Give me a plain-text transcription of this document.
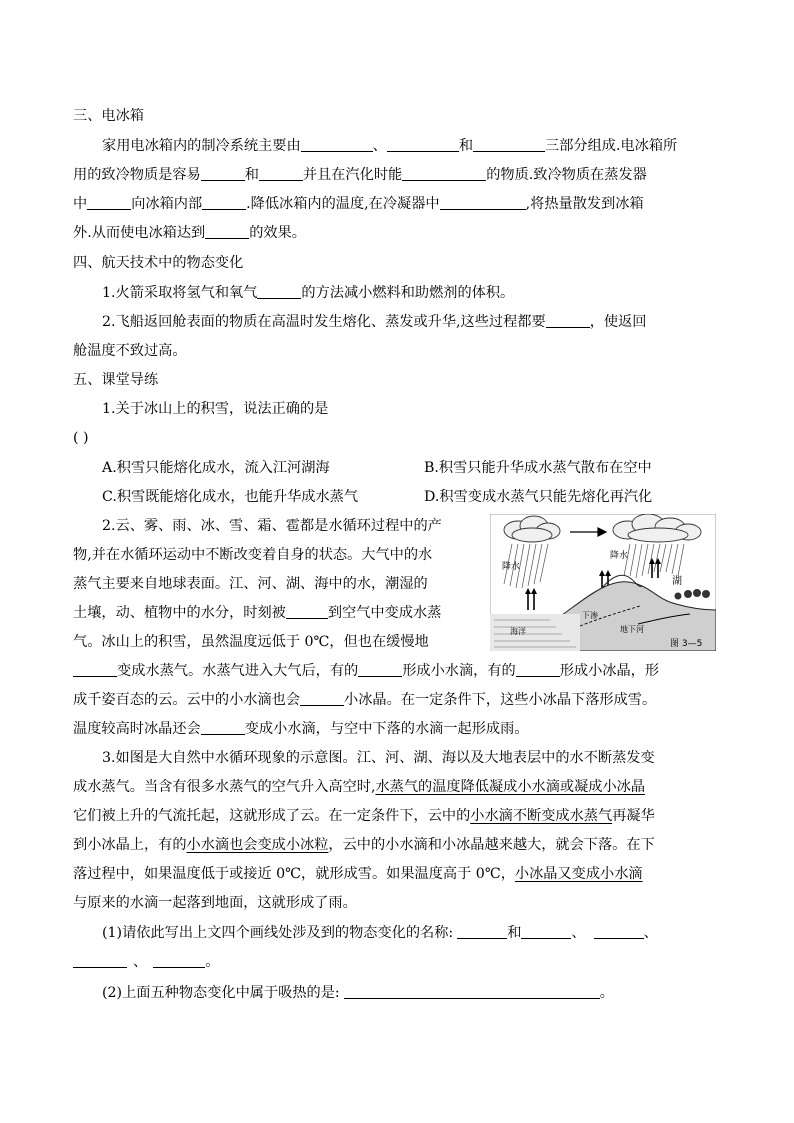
三、电冰箱
家用电冰箱内的制冷系统主要由	、	和	三部分组成.电冰箱所
用的致冷物质是容易	和	并且在汽化时能	的物质.致冷物质在蒸发器
中	向冰箱内部	.降低冰箱内的温度,在冷凝器中	,将热量散发到冰箱
外.从而使电冰箱达到	的效果。
四、航天技术中的物态变化
1.火箭采取将氢气和氧气	的方法减小燃料和助燃剂的体积。
2.飞船返回舱表面的物质在高温时发生熔化、蒸发或升华,这些过程都要	，使返回
舱温度不致过高。
五、课堂导练
1.关于冰山上的积雪，说法正确的是
( )
A.积雪只能熔化成水，流入江河湖海	B.积雪只能升华成水蒸气散布在空中
C.积雪既能熔化成水，也能升华成水蒸气	D.积雪变成水蒸气只能先熔化再汽化
2.云、雾、雨、冰、雪、霜、雹都是水循环过程中的产
物,并在水循环运动中不断改变着自身的状态。大气中的水
蒸气主要来自地球表面。江、河、湖、海中的水，潮湿的
土壤，动、植物中的水分，时刻被	到空气中变成水蒸
气。冰山上的积雪，虽然温度远低于 0℃，但也在缓慢地
变成水蒸气。水蒸气进入大气后，有的	形成小水滴，有的	形成小冰晶，形
成千姿百态的云。云中的小水滴也会	小冰晶。在一定条件下，这些小冰晶下落形成雪。
温度较高时冰晶还会	变成小水滴，与空中下落的水滴一起形成雨。
3.如图是大自然中水循环现象的示意图。江、河、湖、海以及大地表层中的水不断蒸发变
成水蒸气。当含有很多水蒸气的空气升入高空时,水蒸气的温度降低凝成小水滴或凝成小冰晶
它们被上升的气流托起，这就形成了云。在一定条件下，云中的小水滴不断变成水蒸气再凝华
到小冰晶上，有的小水滴也会变成小冰粒，云中的小水滴和小冰晶越来越大，就会下落。在下
落过程中，如果温度低于或接近 0℃，就形成雪。如果温度高于 0℃，小冰晶又变成小水滴
与原来的水滴一起落到地面，这就形成了雨。
(1)请依此写出上文四个画线处涉及到的物态变化的名称:	和	、	、
、	。
(2)上面五种物态变化中属于吸热的是:	。
降水
降水
湖
海洋
下渗
地下河
图 3—5
